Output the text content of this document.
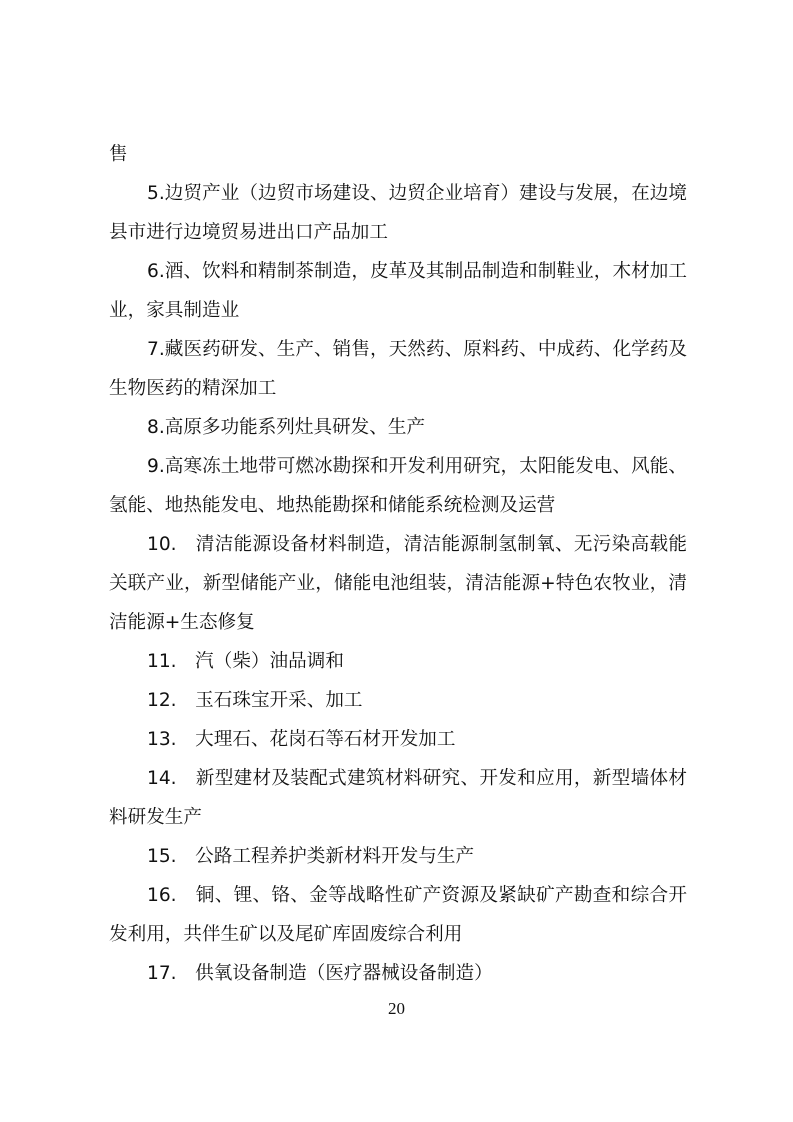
售

5.边贸产业（边贸市场建设、边贸企业培育）建设与发展，在边境县市进行边境贸易进出口产品加工

6.酒、饮料和精制茶制造，皮革及其制品制造和制鞋业，木材加工业，家具制造业

7.藏医药研发、生产、销售，天然药、原料药、中成药、化学药及生物医药的精深加工

8.高原多功能系列灶具研发、生产

9.高寒冻土地带可燃冰勘探和开发利用研究，太阳能发电、风能、氢能、地热能发电、地热能勘探和储能系统检测及运营

10.　清洁能源设备材料制造，清洁能源制氢制氧、无污染高载能关联产业，新型储能产业，储能电池组装，清洁能源+特色农牧业，清洁能源+生态修复

11.　汽（柴）油品调和

12.　玉石珠宝开采、加工

13.　大理石、花岗石等石材开发加工

14.　新型建材及装配式建筑材料研究、开发和应用，新型墙体材料研发生产

15.　公路工程养护类新材料开发与生产

16.　铜、锂、铬、金等战略性矿产资源及紧缺矿产勘查和综合开发利用，共伴生矿以及尾矿库固废综合利用

17.　供氧设备制造（医疗器械设备制造）

20
